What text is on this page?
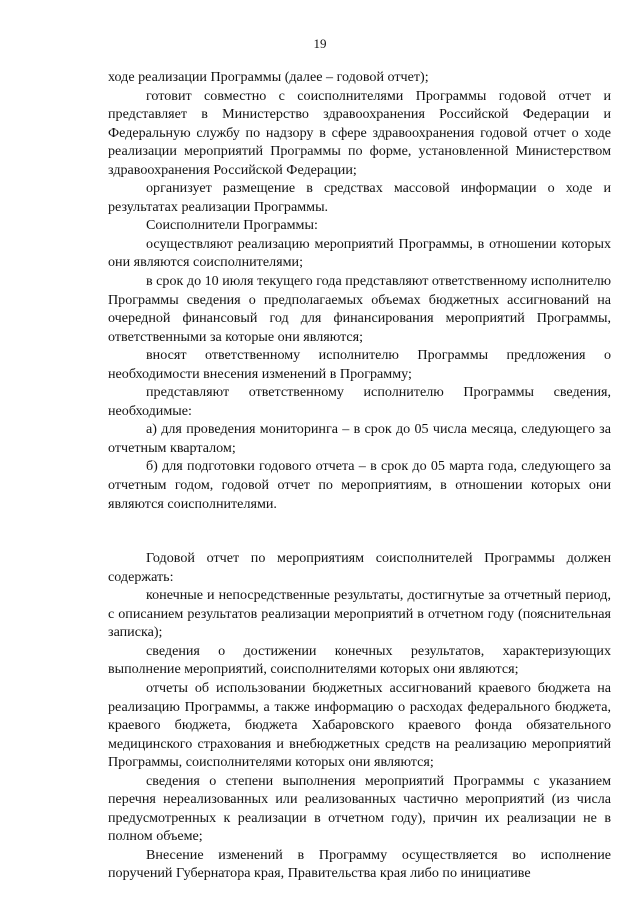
19

ходе реализации Программы (далее – годовой отчет);

готовит совместно с соисполнителями Программы годовой отчет и представляет в Министерство здравоохранения Российской Федерации и Федеральную службу по надзору в сфере здравоохранения годовой отчет о ходе реализации мероприятий Программы по форме, установленной Министерством здравоохранения Российской Федерации;

организует размещение в средствах массовой информации о ходе и результатах реализации Программы.

Соисполнители Программы:

осуществляют реализацию мероприятий Программы, в отношении которых они являются соисполнителями;

в срок до 10 июля текущего года представляют ответственному исполнителю Программы сведения о предполагаемых объемах бюджетных ассигнований на очередной финансовый год для финансирования мероприятий Программы, ответственными за которые они являются;

вносят ответственному исполнителю Программы предложения о необходимости внесения изменений в Программу;

представляют ответственному исполнителю Программы сведения, необходимые:

а) для проведения мониторинга – в срок до 05 числа месяца, следующего за отчетным кварталом;

б) для подготовки годового отчета – в срок до 05 марта года, следующего за отчетным годом, годовой отчет по мероприятиям, в отношении которых они являются соисполнителями.

Годовой отчет по мероприятиям соисполнителей Программы должен содержать:

конечные и непосредственные результаты, достигнутые за отчетный период, с описанием результатов реализации мероприятий в отчетном году (пояснительная записка);

сведения о достижении конечных результатов, характеризующих выполнение мероприятий, соисполнителями которых они являются;

отчеты об использовании бюджетных ассигнований краевого бюджета на реализацию Программы, а также информацию о расходах федерального бюджета, краевого бюджета, бюджета Хабаровского краевого фонда обязательного медицинского страхования и внебюджетных средств на реализацию мероприятий Программы, соисполнителями которых они являются;

сведения о степени выполнения мероприятий Программы с указанием перечня нереализованных или реализованных частично мероприятий (из числа предусмотренных к реализации в отчетном году), причин их реализации не в полном объеме;

Внесение изменений в Программу осуществляется во исполнение поручений Губернатора края, Правительства края либо по инициативе
